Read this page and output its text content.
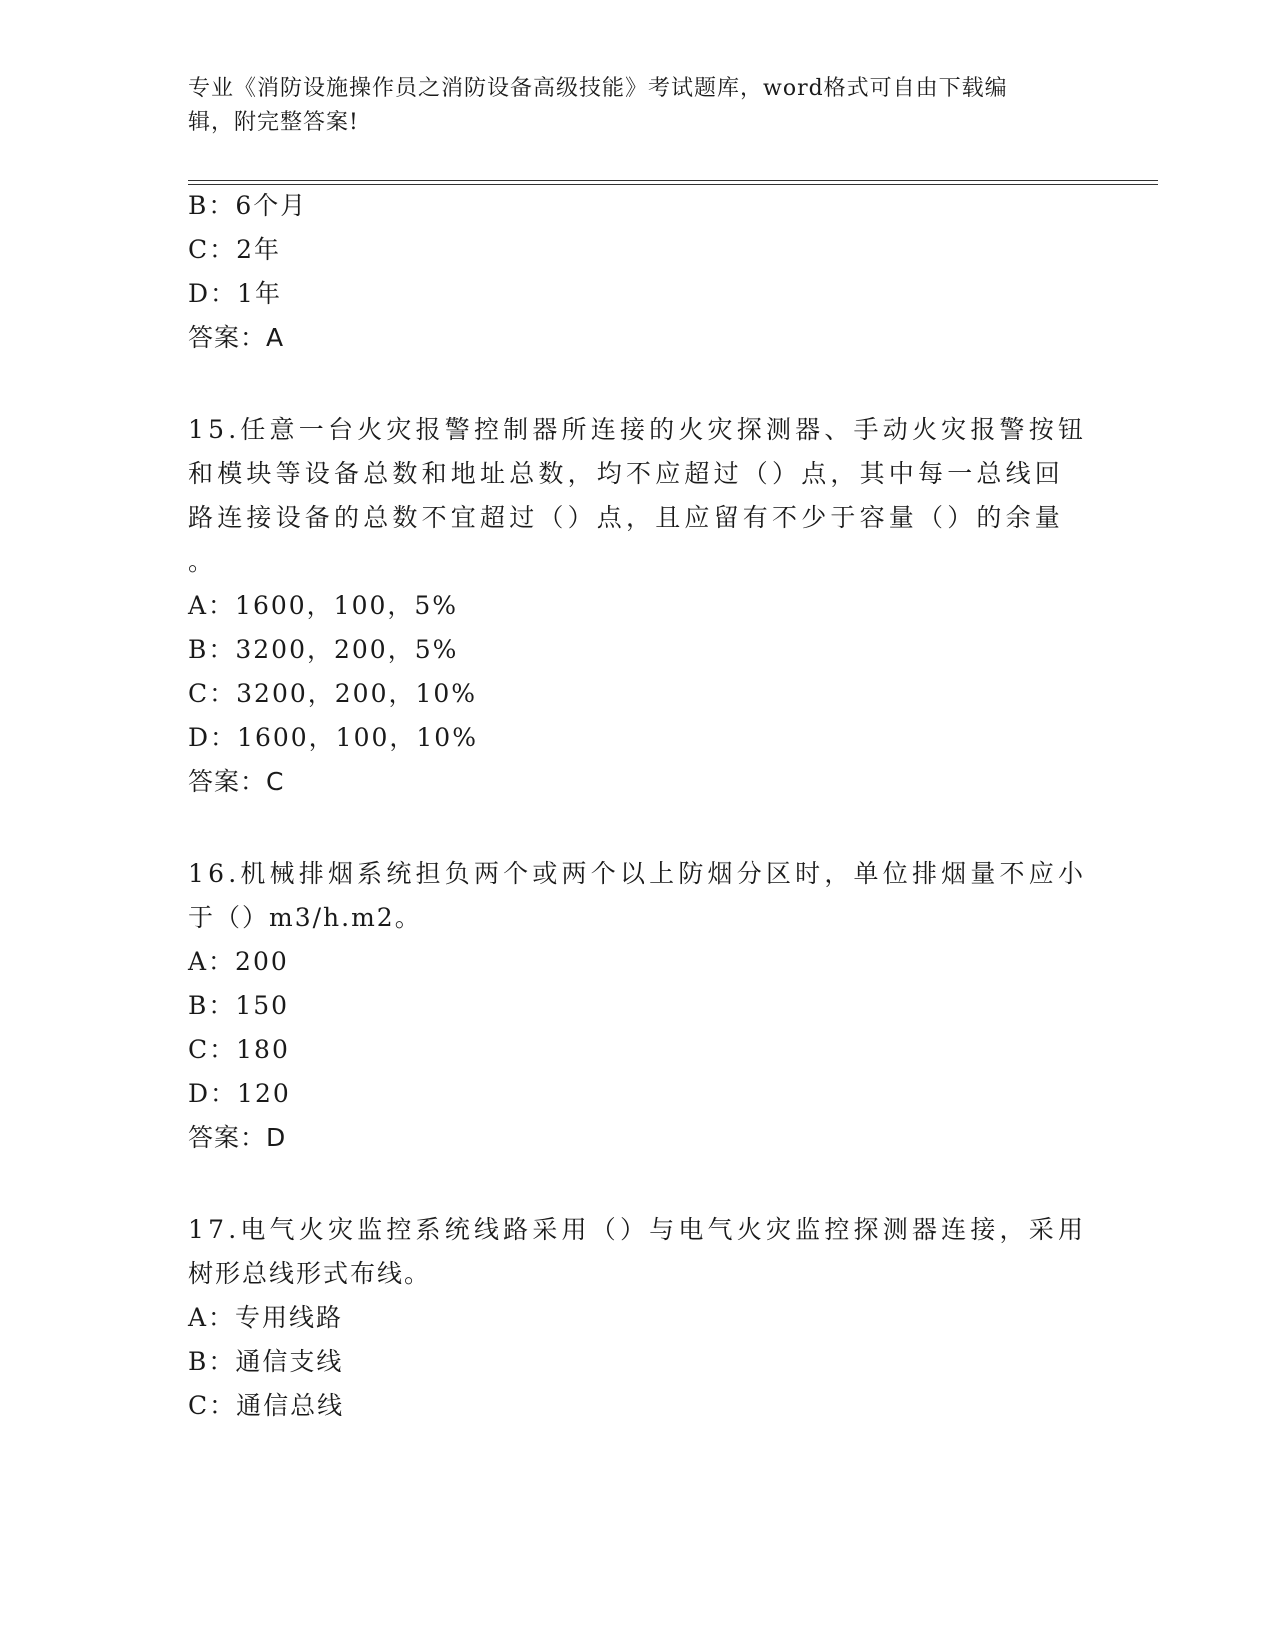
专业《消防设施操作员之消防设备高级技能》考试题库，word格式可自由下载编
辑，附完整答案!
B：6个月
C：2年
D：1年
答案：A
15.任意一台火灾报警控制器所连接的火灾探测器、手动火灾报警按钮
和模块等设备总数和地址总数，均不应超过（）点，其中每一总线回
路连接设备的总数不宜超过（）点，且应留有不少于容量（）的余量
。
A：1600，100，5%
B：3200，200，5%
C：3200，200，10%
D：1600，100，10%
答案：C
16.机械排烟系统担负两个或两个以上防烟分区时，单位排烟量不应小
于（）m3/h.m2。
A：200
B：150
C：180
D：120
答案：D
17.电气火灾监控系统线路采用（）与电气火灾监控探测器连接，采用
树形总线形式布线。
A：专用线路
B：通信支线
C：通信总线
